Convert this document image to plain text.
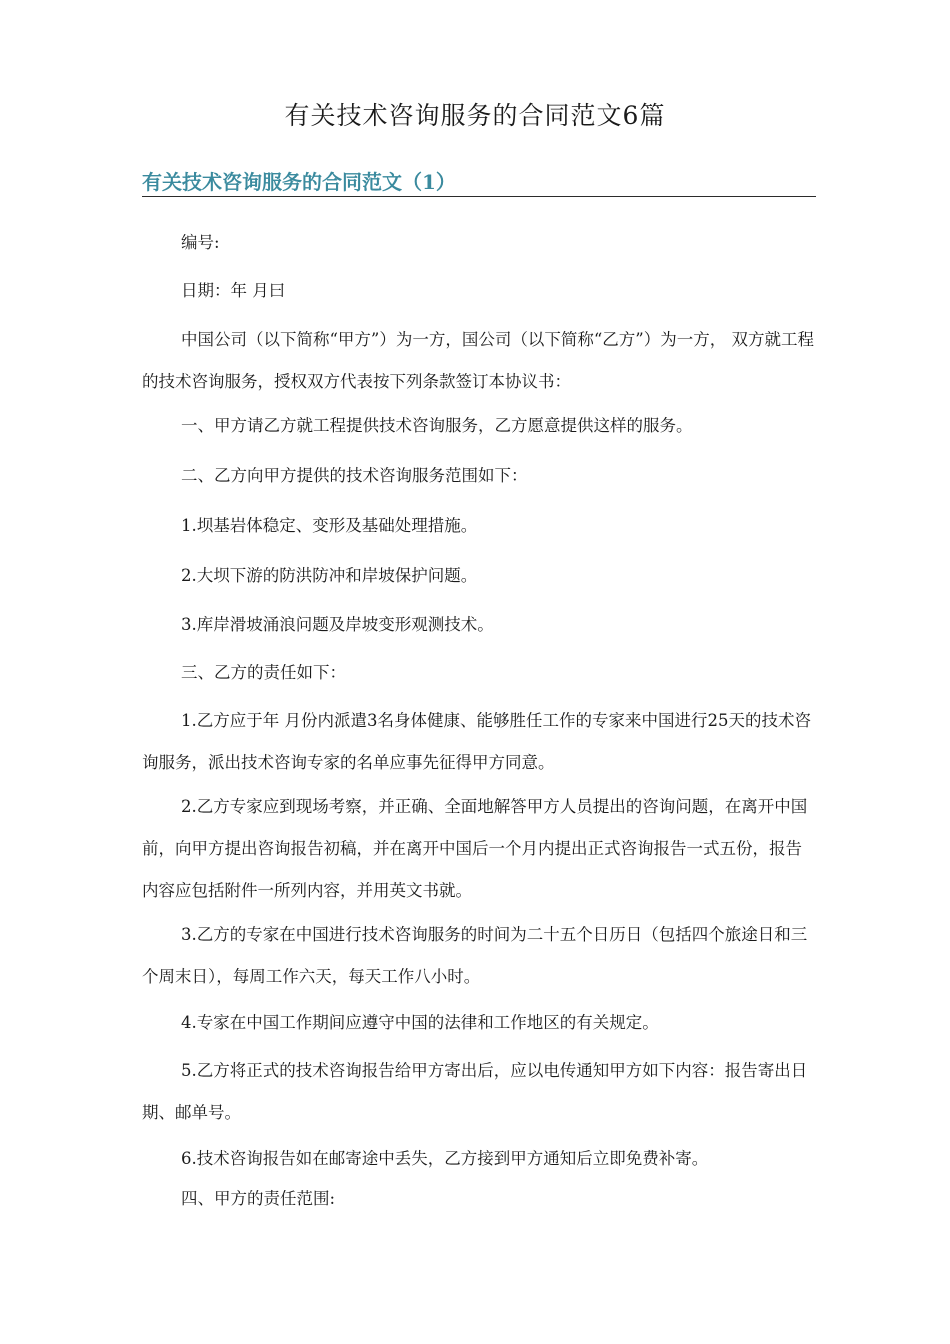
有关技术咨询服务的合同范文6篇
有关技术咨询服务的合同范文（1）
编号:
日期：年 月曰
中国公司（以下简称“甲方”）为一方，国公司（以下简称“乙方”）为一方， 双方就工程的技术咨询服务，授权双方代表按下列条款签订本协议书：
一、甲方请乙方就工程提供技术咨询服务，乙方愿意提供这样的服务。
二、乙方向甲方提供的技术咨询服务范围如下：
1.坝基岩体稳定、变形及基础处理措施。
2.大坝下游的防洪防冲和岸坡保护问题。
3.库岸滑坡涌浪问题及岸坡变形观测技术。
三、乙方的责任如下：
1.乙方应于年 月份内派遣3名身体健康、能够胜任工作的专家来中国进行25天的技术咨询服务，派出技术咨询专家的名单应事先征得甲方同意。
2.乙方专家应到现场考察，并正确、全面地解答甲方人员提出的咨询问题，在离开中国前，向甲方提出咨询报告初稿，并在离开中国后一个月内提出正式咨询报告一式五份，报告内容应包括附件一所列内容，并用英文书就。
3.乙方的专家在中国进行技术咨询服务的时间为二十五个日历日（包括四个旅途日和三个周末日），每周工作六天，每天工作八小时。
4.专家在中国工作期间应遵守中国的法律和工作地区的有关规定。
5.乙方将正式的技术咨询报告给甲方寄出后，应以电传通知甲方如下内容：报告寄出日期、邮单号。
6.技术咨询报告如在邮寄途中丢失，乙方接到甲方通知后立即免费补寄。
四、甲方的责任范围:
